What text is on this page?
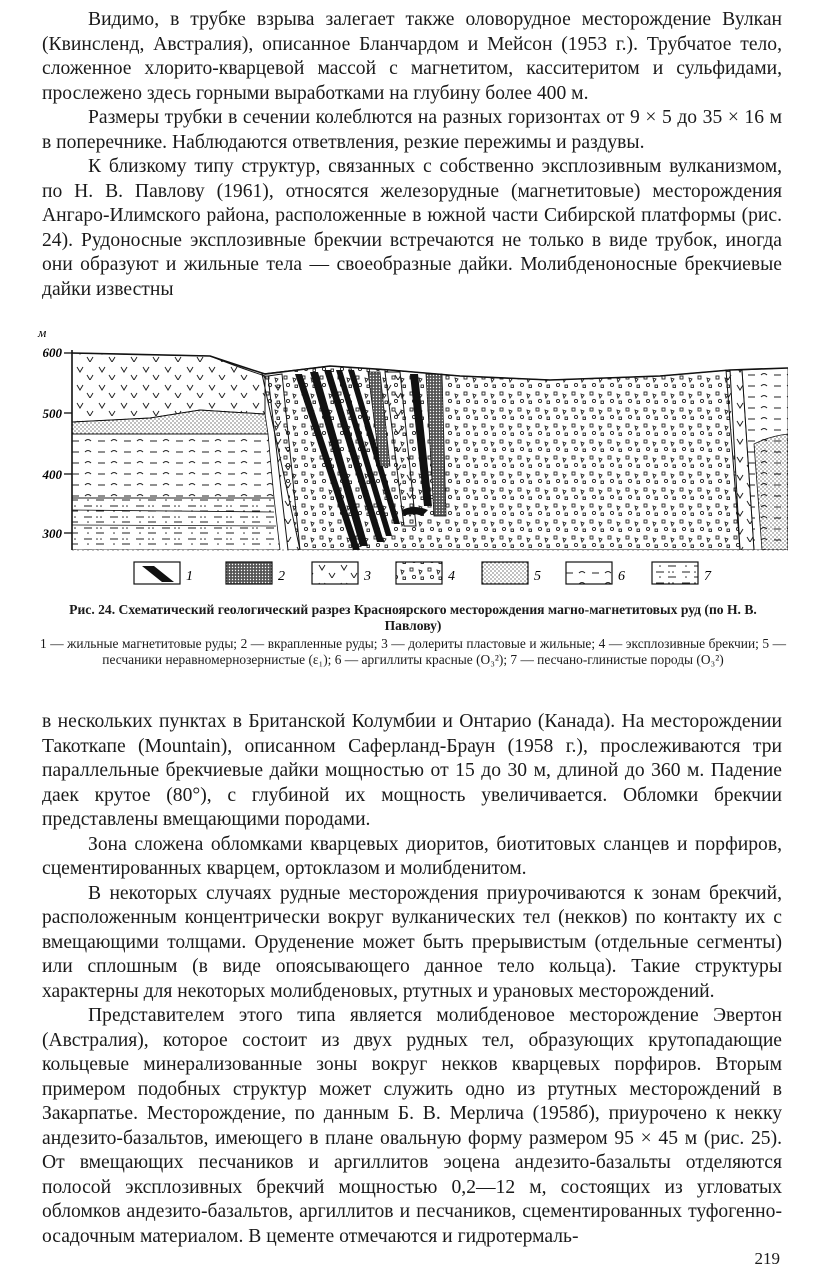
Видимо, в трубке взрыва залегает также оловорудное месторождение Вулкан (Квинсленд, Австралия), описанное Бланчардом и Мейсон (1953 г.). Трубчатое тело, сложенное хлорито-кварцевой массой с магнетитом, касситеритом и сульфидами, прослежено здесь горными выработками на глубину более 400 м.

Размеры трубки в сечении колеблются на разных горизонтах от 9 × 5 до 35 × 16 м в поперечнике. Наблюдаются ответвления, резкие пережимы и раздувы.

К близкому типу структур, связанных с собственно эксплозивным вулканизмом, по Н. В. Павлову (1961), относятся железорудные (магнетитовые) месторождения Ангаро-Илимского района, расположенные в южной части Сибирской платформы (рис. 24). Рудоносные эксплозивные брекчии встречаются не только в виде трубок, иногда они образуют и жильные тела — своеобразные дайки. Молибденоносные брекчиевые дайки известны

м
600
500
400
300
1	2	3	4	5	6	7
Рис. 24. Схематический геологический разрез Красноярского месторождения магно-магнетитовых руд (по Н. В. Павлову)
1 — жильные магнетитовые руды; 2 — вкрапленные руды; 3 — долериты пластовые и жильные; 4 — эксплозивные брекчии; 5 — песчаники неравномернозернистые (ε₁); 6 — аргиллиты красные (O₃²); 7 — песчано-глинистые породы (O₃²)

в нескольких пунктах в Британской Колумбии и Онтарио (Канада). На месторождении Такоткапе (Mountain), описанном Саферланд-Браун (1958 г.), прослеживаются три параллельные брекчиевые дайки мощностью от 15 до 30 м, длиной до 360 м. Падение даек крутое (80°), с глубиной их мощность увеличивается. Обломки брекчии представлены вмещающими породами.

Зона сложена обломками кварцевых диоритов, биотитовых сланцев и порфиров, сцементированных кварцем, ортоклазом и молибденитом.

В некоторых случаях рудные месторождения приурочиваются к зонам брекчий, расположенным концентрически вокруг вулканических тел (некков) по контакту их с вмещающими толщами. Оруденение может быть прерывистым (отдельные сегменты) или сплошным (в виде опоясывающего данное тело кольца). Такие структуры характерны для некоторых молибденовых, ртутных и урановых месторождений.

Представителем этого типа является молибденовое месторождение Эвертон (Австралия), которое состоит из двух рудных тел, образующих крутопадающие кольцевые минерализованные зоны вокруг некков кварцевых порфиров. Вторым примером подобных структур может служить одно из ртутных месторождений в Закарпатье. Месторождение, по данным Б. В. Мерлича (1958б), приурочено к некку андезито-базальтов, имеющего в плане овальную форму размером 95 × 45 м (рис. 25). От вмещающих песчаников и аргиллитов эоцена андезито-базальты отделяются полосой эксплозивных брекчий мощностью 0,2—12 м, состоящих из угловатых обломков андезито-базальтов, аргиллитов и песчаников, сцементированных туфогенно-осадочным материалом. В цементе отмечаются и гидротермаль-

219
